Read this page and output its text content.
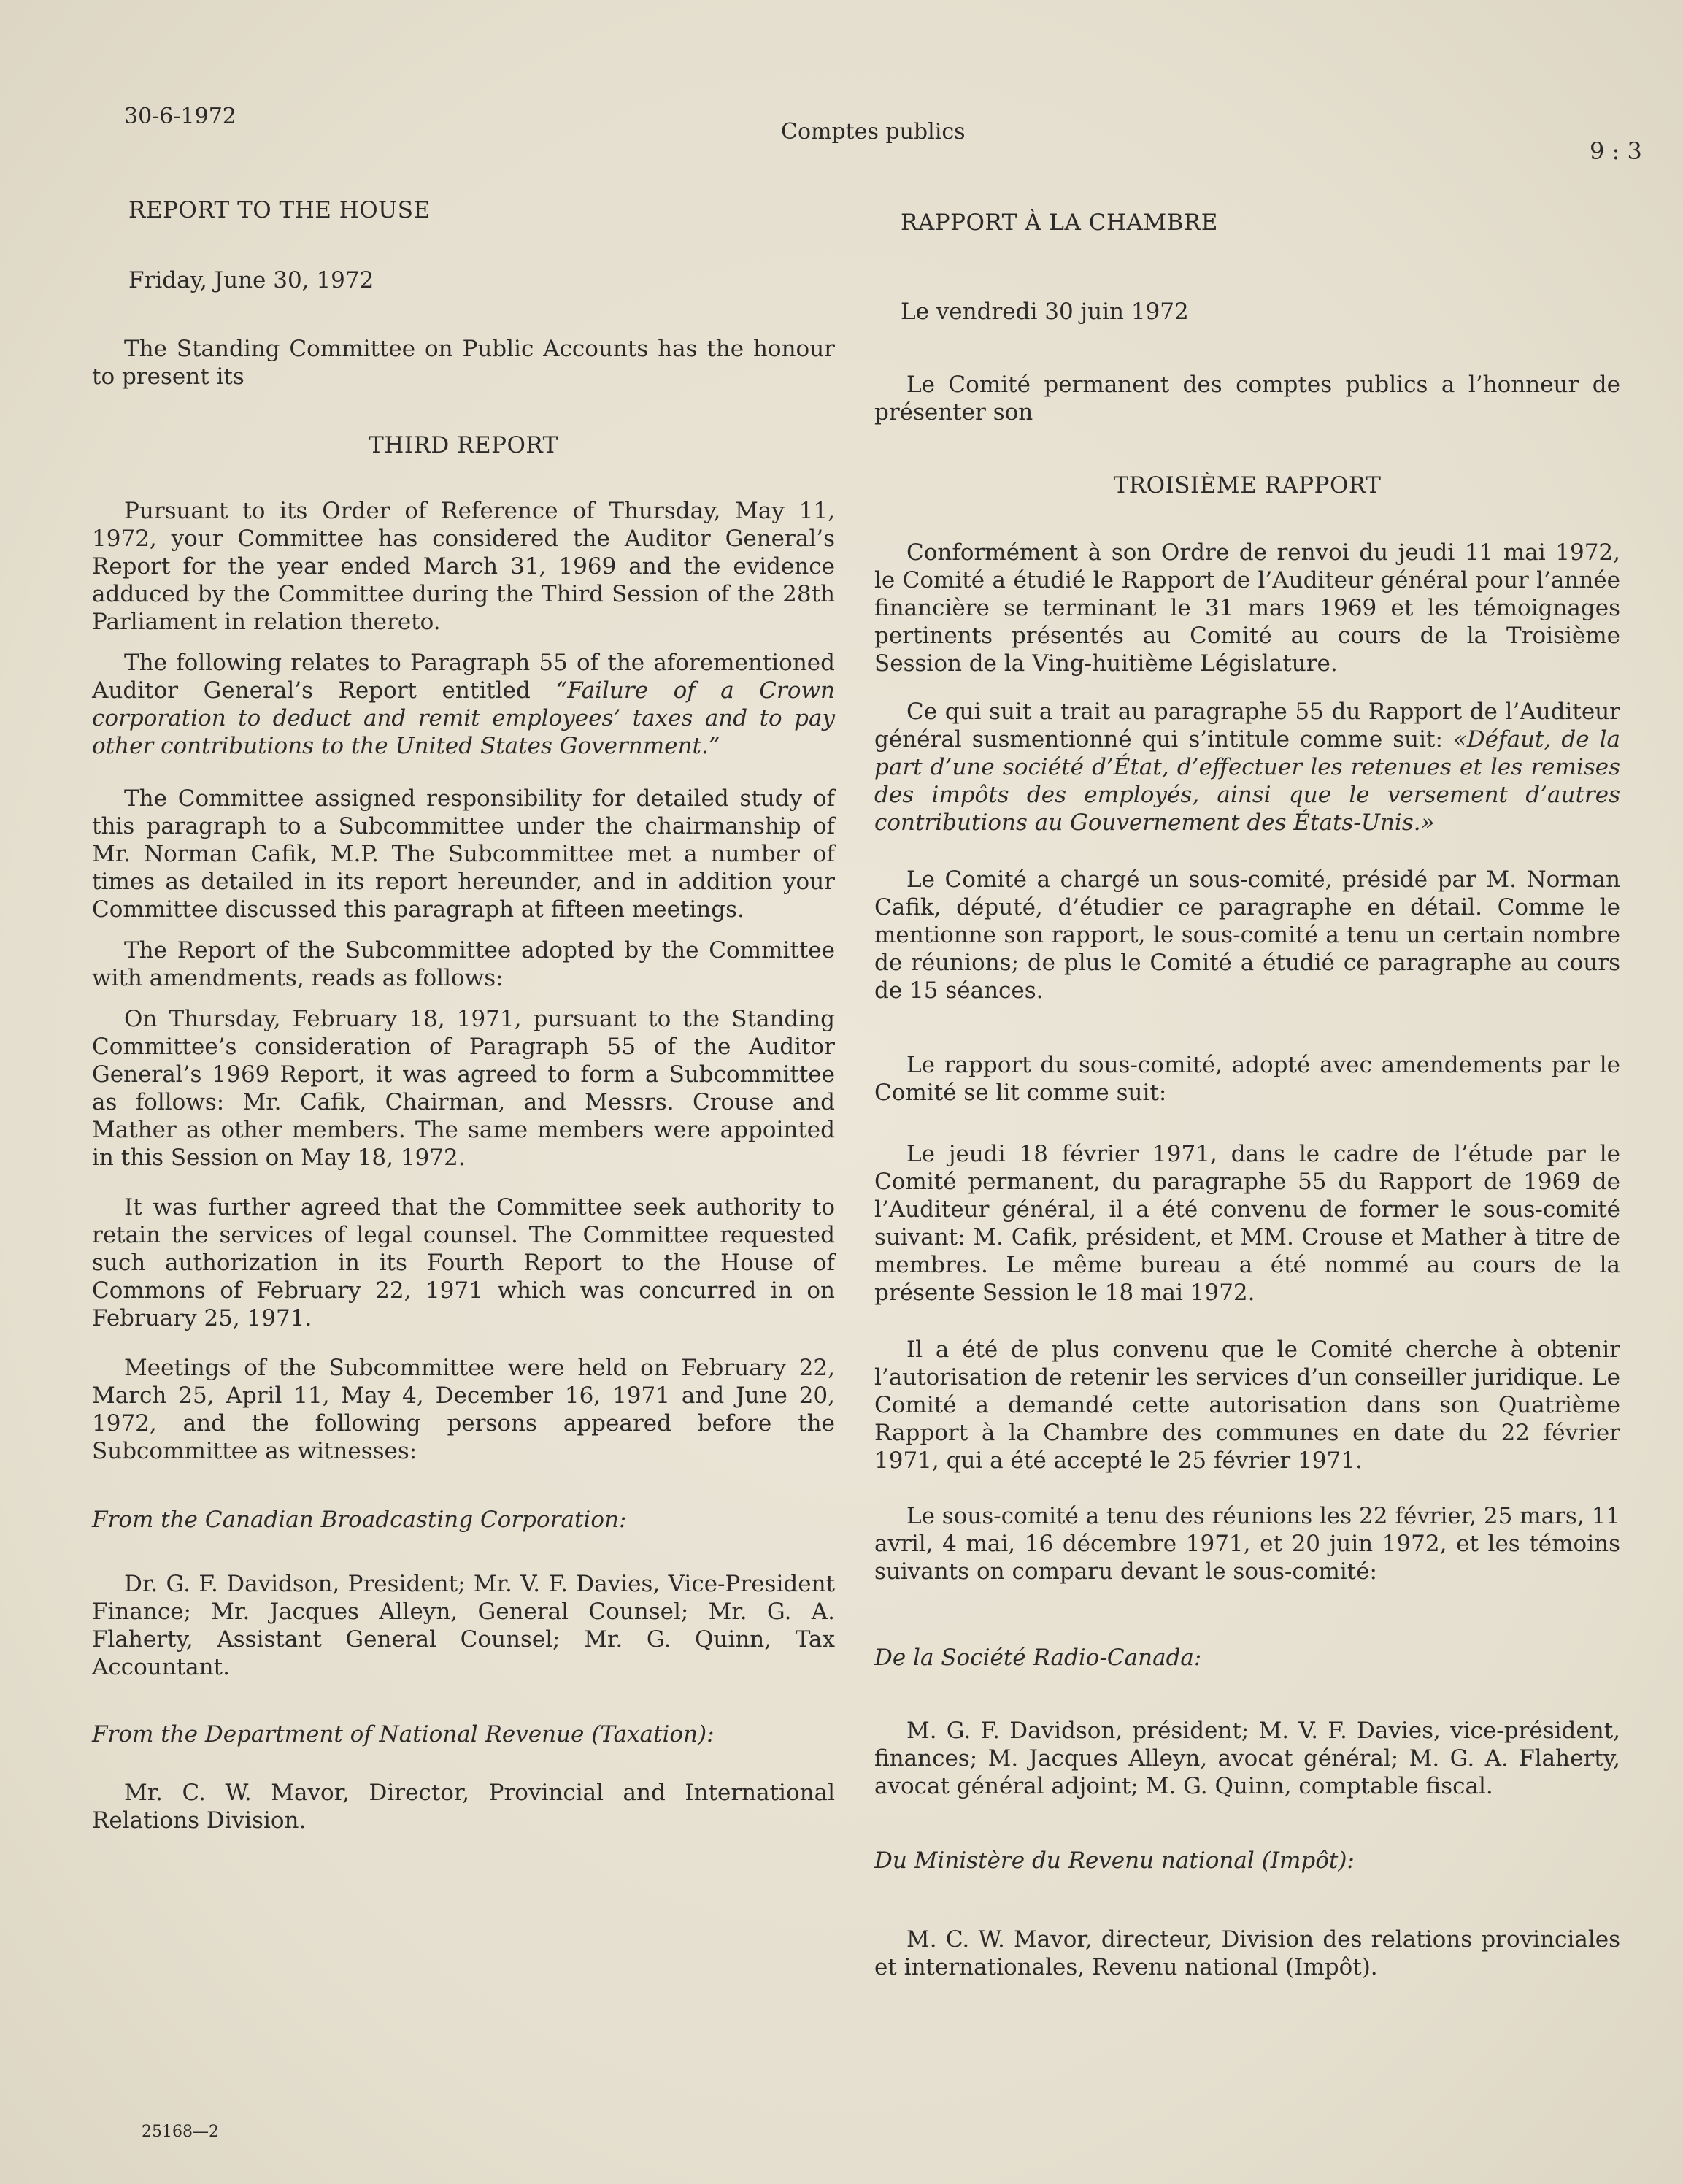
30-6-1972
Comptes publics
9 : 3

REPORT TO THE HOUSE

Friday, June 30, 1972

The Standing Committee on Public Accounts has the honour to present its

THIRD REPORT

Pursuant to its Order of Reference of Thursday, May 11, 1972, your Committee has considered the Auditor General’s Report for the year ended March 31, 1969 and the evidence adduced by the Committee during the Third Session of the 28th Parliament in relation thereto.

The following relates to Paragraph 55 of the aforementioned Auditor General’s Report entitled “Failure of a Crown corporation to deduct and remit employees’ taxes and to pay other contributions to the United States Government.”

The Committee assigned responsibility for detailed study of this paragraph to a Subcommittee under the chairmanship of Mr. Norman Cafik, M.P. The Subcommittee met a number of times as detailed in its report hereunder, and in addition your Committee discussed this paragraph at fifteen meetings.

The Report of the Subcommittee adopted by the Committee with amendments, reads as follows:

On Thursday, February 18, 1971, pursuant to the Standing Committee’s consideration of Paragraph 55 of the Auditor General’s 1969 Report, it was agreed to form a Subcommittee as follows: Mr. Cafik, Chairman, and Messrs. Crouse and Mather as other members. The same members were appointed in this Session on May 18, 1972.

It was further agreed that the Committee seek authority to retain the services of legal counsel. The Committee requested such authorization in its Fourth Report to the House of Commons of February 22, 1971 which was concurred in on February 25, 1971.

Meetings of the Subcommittee were held on February 22, March 25, April 11, May 4, December 16, 1971 and June 20, 1972, and the following persons appeared before the Subcommittee as witnesses:

From the Canadian Broadcasting Corporation:

Dr. G. F. Davidson, President; Mr. V. F. Davies, Vice-President Finance; Mr. Jacques Alleyn, General Counsel; Mr. G. A. Flaherty, Assistant General Counsel; Mr. G. Quinn, Tax Accountant.

From the Department of National Revenue (Taxation):

Mr. C. W. Mavor, Director, Provincial and International Relations Division.

RAPPORT À LA CHAMBRE

Le vendredi 30 juin 1972

Le Comité permanent des comptes publics a l’honneur de présenter son

TROISIÈME RAPPORT

Conformément à son Ordre de renvoi du jeudi 11 mai 1972, le Comité a étudié le Rapport de l’Auditeur général pour l’année financière se terminant le 31 mars 1969 et les témoignages pertinents présentés au Comité au cours de la Troisième Session de la Ving-huitième Législature.

Ce qui suit a trait au paragraphe 55 du Rapport de l’Auditeur général susmentionné qui s’intitule comme suit: «Défaut, de la part d’une société d’État, d’effectuer les retenues et les remises des impôts des employés, ainsi que le versement d’autres contributions au Gouvernement des États-Unis.»

Le Comité a chargé un sous-comité, présidé par M. Norman Cafik, député, d’étudier ce paragraphe en détail. Comme le mentionne son rapport, le sous-comité a tenu un certain nombre de réunions; de plus le Comité a étudié ce paragraphe au cours de 15 séances.

Le rapport du sous-comité, adopté avec amendements par le Comité se lit comme suit:

Le jeudi 18 février 1971, dans le cadre de l’étude par le Comité permanent, du paragraphe 55 du Rapport de 1969 de l’Auditeur général, il a été convenu de former le sous-comité suivant: M. Cafik, président, et MM. Crouse et Mather à titre de membres. Le même bureau a été nommé au cours de la présente Session le 18 mai 1972.

Il a été de plus convenu que le Comité cherche à obtenir l’autorisation de retenir les services d’un conseiller juridique. Le Comité a demandé cette autorisation dans son Quatrième Rapport à la Chambre des communes en date du 22 février 1971, qui a été accepté le 25 février 1971.

Le sous-comité a tenu des réunions les 22 février, 25 mars, 11 avril, 4 mai, 16 décembre 1971, et 20 juin 1972, et les témoins suivants on comparu devant le sous-comité:

De la Société Radio-Canada:

M. G. F. Davidson, président; M. V. F. Davies, vice-président, finances; M. Jacques Alleyn, avocat général; M. G. A. Flaherty, avocat général adjoint; M. G. Quinn, comptable fiscal.

Du Ministère du Revenu national (Impôt):

M. C. W. Mavor, directeur, Division des relations provinciales et internationales, Revenu national (Impôt).

25168—2
